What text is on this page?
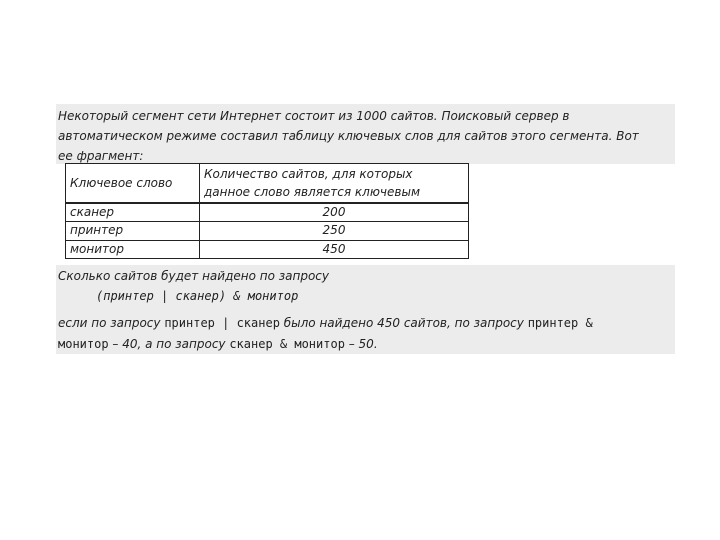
Некоторый сегмент сети Интернет состоит из 1000 сайтов. Поисковый сервер в
автоматическом режиме составил таблицу ключевых слов для сайтов этого сегмента. Вот
ее фрагмент:
Ключевое слово	Количество сайтов, для которых
данное слово является ключевым
сканер	200
принтер	250
монитор	450
Сколько сайтов будет найдено по запросу
(принтер | сканер) & монитор
если по запросу принтер | сканер было найдено 450 сайтов, по запросу принтер &
монитор – 40, а по запросу сканер & монитор – 50.
